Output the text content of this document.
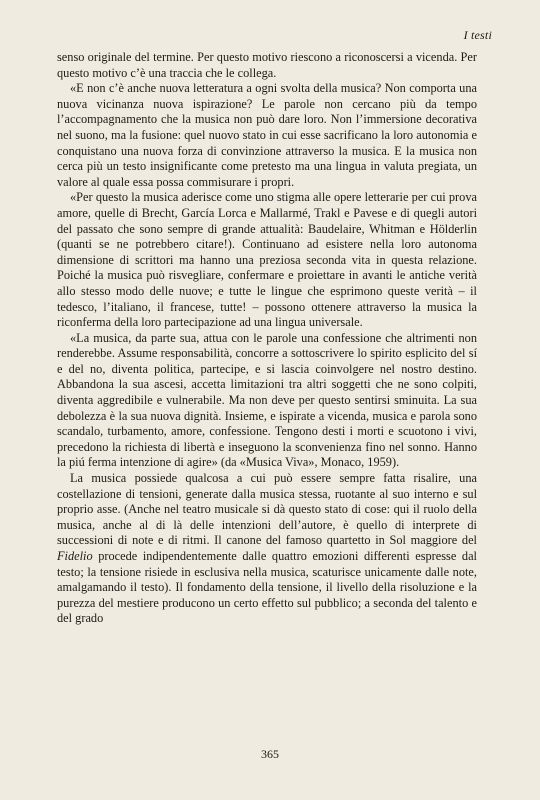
I testi

senso originale del termine. Per questo motivo riescono a riconoscersi a vicenda. Per questo motivo c’è una traccia che le collega.

«E non c’è anche nuova letteratura a ogni svolta della musica? Non comporta una nuova vicinanza nuova ispirazione? Le parole non cercano più da tempo l’accompagnamento che la musica non può dare loro. Non l’immersione decorativa nel suono, ma la fusione: quel nuovo stato in cui esse sacrificano la loro autonomia e conquistano una nuova forza di convinzione attraverso la musica. E la musica non cerca più un testo insignificante come pretesto ma una lingua in valuta pregiata, un valore al quale essa possa commisurare i propri.

«Per questo la musica aderisce come uno stigma alle opere letterarie per cui prova amore, quelle di Brecht, García Lorca e Mallarmé, Trakl e Pavese e di quegli autori del passato che sono sempre di grande attualità: Baudelaire, Whitman e Hölderlin (quanti se ne potrebbero citare!). Continuano ad esistere nella loro autonoma dimensione di scrittori ma hanno una preziosa seconda vita in questa relazione. Poiché la musica può risvegliare, confermare e proiettare in avanti le antiche verità allo stesso modo delle nuove; e tutte le lingue che esprimono queste verità – il tedesco, l’italiano, il francese, tutte! – possono ottenere attraverso la musica la riconferma della loro partecipazione ad una lingua universale.

«La musica, da parte sua, attua con le parole una confessione che altrimenti non renderebbe. Assume responsabilità, concorre a sottoscrivere lo spirito esplicito del sí e del no, diventa politica, partecipe, e si lascia coinvolgere nel nostro destino. Abbandona la sua ascesi, accetta limitazioni tra altri soggetti che ne sono colpiti, diventa aggredibile e vulnerabile. Ma non deve per questo sentirsi sminuita. La sua debolezza è la sua nuova dignità. Insieme, e ispirate a vicenda, musica e parola sono scandalo, turbamento, amore, confessione. Tengono desti i morti e scuotono i vivi, precedono la richiesta di libertà e inseguono la sconvenienza fino nel sonno. Hanno la piú ferma intenzione di agire» (da «Musica Viva», Monaco, 1959).

La musica possiede qualcosa a cui può essere sempre fatta risalire, una costellazione di tensioni, generate dalla musica stessa, ruotante al suo interno e sul proprio asse. (Anche nel teatro musicale si dà questo stato di cose: qui il ruolo della musica, anche al di là delle intenzioni dell’autore, è quello di interprete di successioni di note e di ritmi. Il canone del famoso quartetto in Sol maggiore del Fidelio procede indipendentemente dalle quattro emozioni differenti espresse dal testo; la tensione risiede in esclusiva nella musica, scaturisce unicamente dalle note, amalgamando il testo). Il fondamento della tensione, il livello della risoluzione e la purezza del mestiere producono un certo effetto sul pubblico; a seconda del talento e del grado

365
